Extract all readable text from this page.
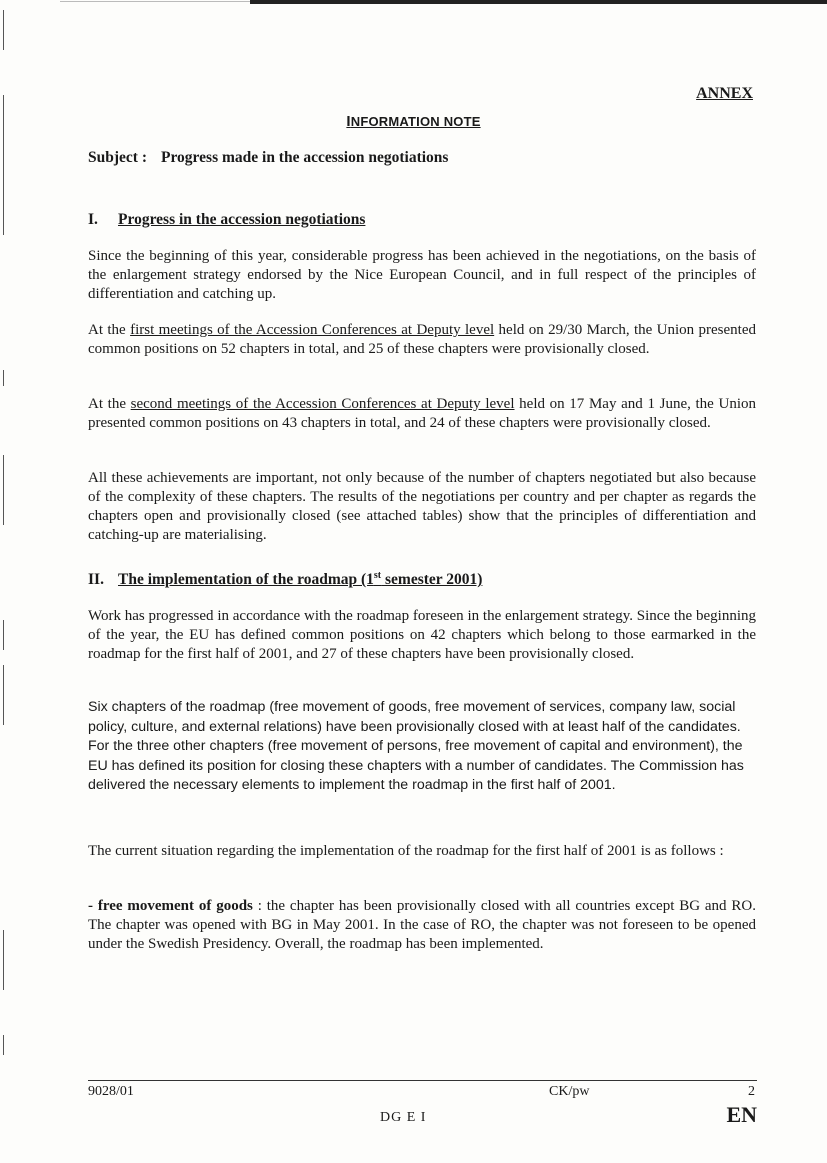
ANNEX
INFORMATION NOTE
Subject : Progress made in the accession negotiations
I. Progress in the accession negotiations
Since the beginning of this year, considerable progress has been achieved in the negotiations, on the basis of the enlargement strategy endorsed by the Nice European Council, and in full respect of the principles of differentiation and catching up.
At the first meetings of the Accession Conferences at Deputy level held on 29/30 March, the Union presented common positions on 52 chapters in total, and 25 of these chapters were provisionally closed.
At the second meetings of the Accession Conferences at Deputy level held on 17 May and 1 June, the Union presented common positions on 43 chapters in total, and 24 of these chapters were provisionally closed.
All these achievements are important, not only because of the number of chapters negotiated but also because of the complexity of these chapters. The results of the negotiations per country and per chapter as regards the chapters open and provisionally closed (see attached tables) show that the principles of differentiation and catching-up are materialising.
II. The implementation of the roadmap (1st semester 2001)
Work has progressed in accordance with the roadmap foreseen in the enlargement strategy. Since the beginning of the year, the EU has defined common positions on 42 chapters which belong to those earmarked in the roadmap for the first half of 2001, and 27 of these chapters have been provisionally closed.
Six chapters of the roadmap (free movement of goods, free movement of services, company law, social policy, culture, and external relations) have been provisionally closed with at least half of the candidates. For the three other chapters (free movement of persons, free movement of capital and environment), the EU has defined its position for closing these chapters with a number of candidates. The Commission has delivered the necessary elements to implement the roadmap in the first half of 2001.
The current situation regarding the implementation of the roadmap for the first half of 2001 is as follows :
- free movement of goods : the chapter has been provisionally closed with all countries except BG and RO. The chapter was opened with BG in May 2001. In the case of RO, the chapter was not foreseen to be opened under the Swedish Presidency. Overall, the roadmap has been implemented.
9028/01	CK/pw	2
DG E I	EN
